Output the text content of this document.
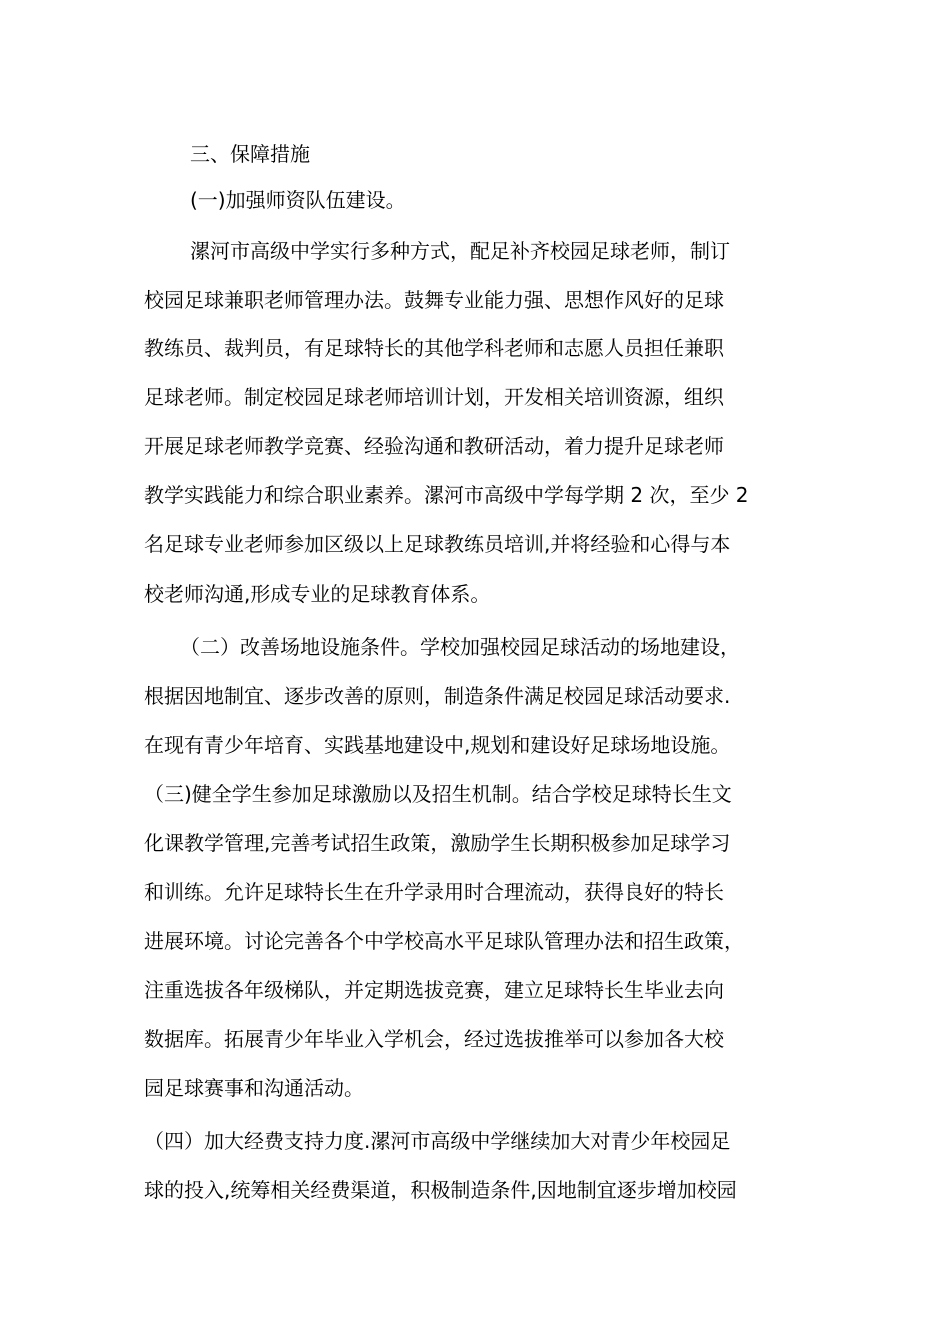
三、保障措施
(一)加强师资队伍建设。
漯河市高级中学实行多种方式，配足补齐校园足球老师，制订
校园足球兼职老师管理办法。鼓舞专业能力强、思想作风好的足球
教练员、裁判员，有足球特长的其他学科老师和志愿人员担任兼职
足球老师。制定校园足球老师培训计划，开发相关培训资源，组织
开展足球老师教学竞赛、经验沟通和教研活动，着力提升足球老师
教学实践能力和综合职业素养。漯河市高级中学每学期 2 次，至少 2
名足球专业老师参加区级以上足球教练员培训,并将经验和心得与本
校老师沟通,形成专业的足球教育体系。
（二）改善场地设施条件。学校加强校园足球活动的场地建设，
根据因地制宜、逐步改善的原则，制造条件满足校园足球活动要求.
在现有青少年培育、实践基地建设中,规划和建设好足球场地设施。
（三)健全学生参加足球激励以及招生机制。结合学校足球特长生文
化课教学管理,完善考试招生政策，激励学生长期积极参加足球学习
和训练。允许足球特长生在升学录用时合理流动，获得良好的特长
进展环境。讨论完善各个中学校高水平足球队管理办法和招生政策，
注重选拔各年级梯队，并定期选拔竞赛，建立足球特长生毕业去向
数据库。拓展青少年毕业入学机会，经过选拔推举可以参加各大校
园足球赛事和沟通活动。
（四）加大经费支持力度.漯河市高级中学继续加大对青少年校园足
球的投入,统筹相关经费渠道，积极制造条件,因地制宜逐步增加校园
